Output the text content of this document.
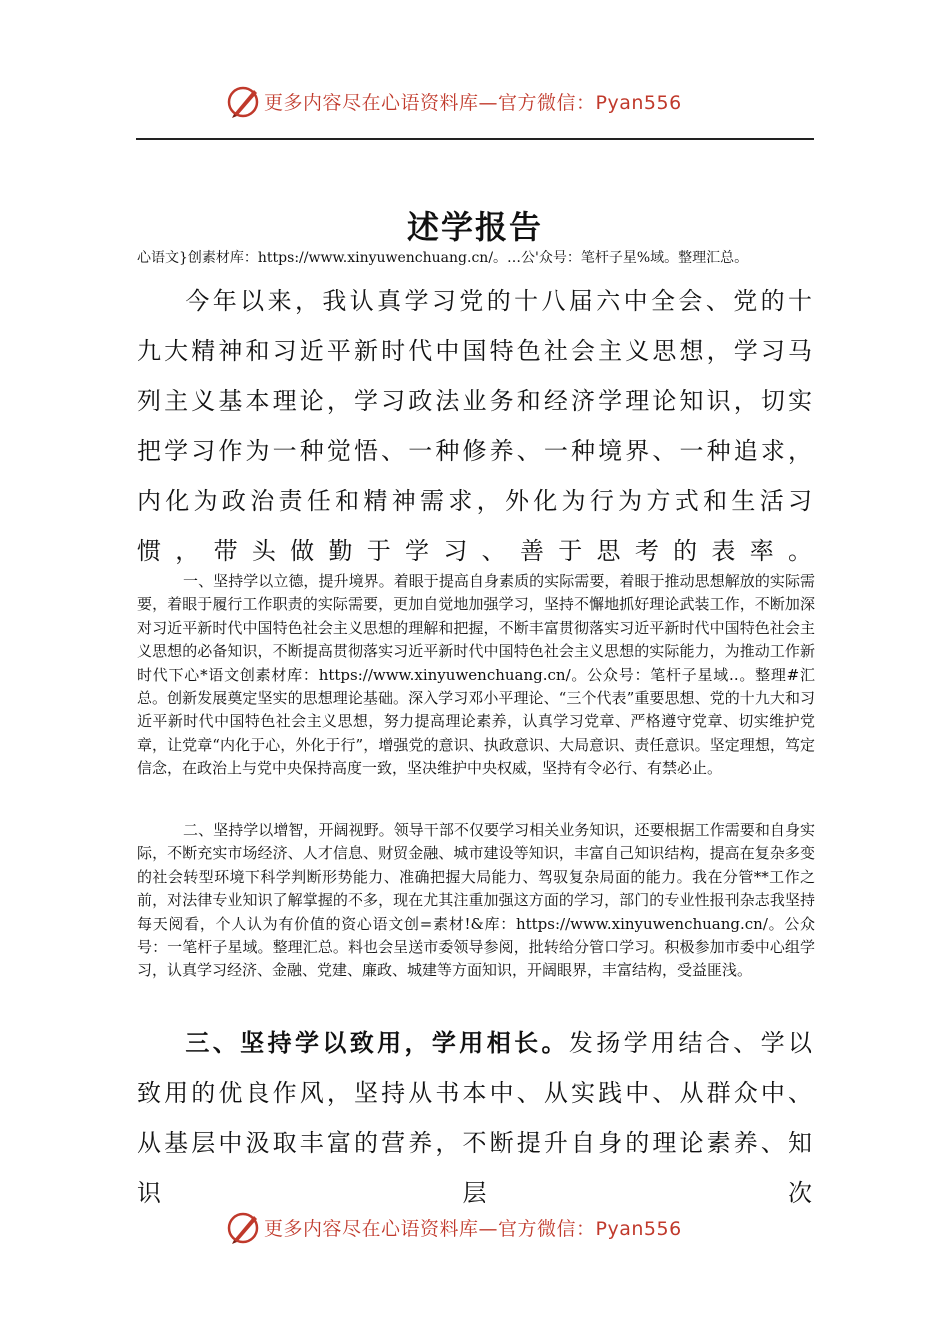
更多内容尽在心语资料库—官方微信：Pyan556
述学报告
心语文}创素材库：https://www.xinyuwenchuang.cn/。…公'众号：笔杆子星%域。整理汇总。
今年以来，我认真学习党的十八届六中全会、党的十九大精神和习近平新时代中国特色社会主义思想，学习马列主义基本理论，学习政法业务和经济学理论知识，切实把学习作为一种觉悟、一种修养、一种境界、一种追求，内化为政治责任和精神需求，外化为行为方式和生活习惯，带头做勤于学习、善于思考的表率。
一、坚持学以立德，提升境界。着眼于提高自身素质的实际需要，着眼于推动思想解放的实际需要，着眼于履行工作职责的实际需要，更加自觉地加强学习，坚持不懈地抓好理论武装工作，不断加深对习近平新时代中国特色社会主义思想的理解和把握，不断丰富贯彻落实习近平新时代中国特色社会主义思想的必备知识，不断提高贯彻落实习近平新时代中国特色社会主义思想的实际能力，为推动工作新时代下心*语文创素材库：https://www.xinyuwenchuang.cn/。公众号：笔杆子星域..。整理#汇总。创新发展奠定坚实的思想理论基础。深入学习邓小平理论、“三个代表”重要思想、党的十九大和习近平新时代中国特色社会主义思想，努力提高理论素养，认真学习党章、严格遵守党章、切实维护党章，让党章“内化于心，外化于行”，增强党的意识、执政意识、大局意识、责任意识。坚定理想，笃定信念，在政治上与党中央保持高度一致，坚决维护中央权威，坚持有令必行、有禁必止。
二、坚持学以增智，开阔视野。领导干部不仅要学习相关业务知识，还要根据工作需要和自身实际，不断充实市场经济、人才信息、财贸金融、城市建设等知识，丰富自己知识结构，提高在复杂多变的社会转型环境下科学判断形势能力、准确把握大局能力、驾驭复杂局面的能力。我在分管**工作之前，对法律专业知识了解掌握的不多，现在尤其注重加强这方面的学习，部门的专业性报刊杂志我坚持每天阅看，个人认为有价值的资心语文创=素材!&库：https://www.xinyuwenchuang.cn/。公众号：一笔杆子星域。整理汇总。料也会呈送市委领导参阅，批转给分管口学习。积极参加市委中心组学习，认真学习经济、金融、党建、廉政、城建等方面知识，开阔眼界，丰富结构，受益匪浅。
三、坚持学以致用，学用相长。发扬学用结合、学以致用的优良作风，坚持从书本中、从实践中、从群众中、从基层中汲取丰富的营养，不断提升自身的理论素养、知识层次
更多内容尽在心语资料库—官方微信：Pyan556
